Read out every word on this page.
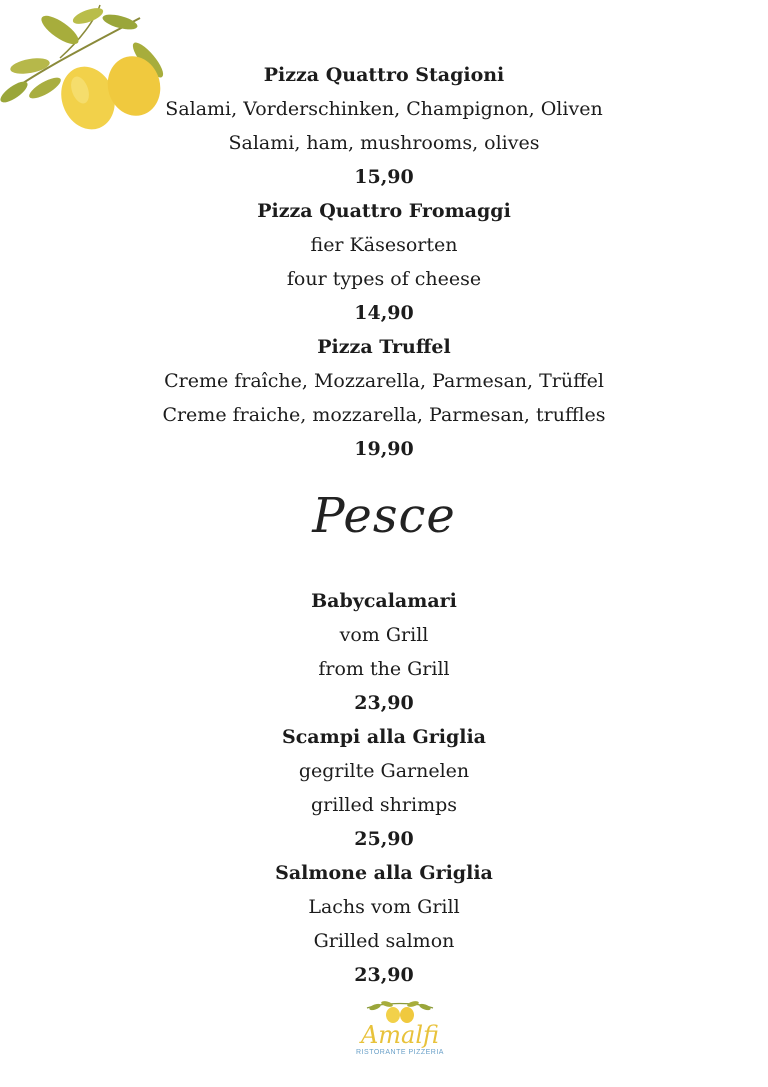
Pizza Quattro Stagioni
Salami, Vorderschinken, Champignon, Oliven
Salami, ham, mushrooms, olives
15,90
Pizza Quattro Fromaggi
fier Käsesorten
four types of cheese
14,90
Pizza Truffel
Creme fraîche, Mozzarella, Parmesan, Trüffel
Creme fraiche, mozzarella, Parmesan, truffles
19,90
Pesce
Babycalamari
vom Grill
from the Grill
23,90
Scampi alla Griglia
gegrilte Garnelen
grilled shrimps
25,90
Salmone alla Griglia
Lachs vom Grill
Grilled salmon
23,90
Amalfi
RISTORANTE PIZZERIA
